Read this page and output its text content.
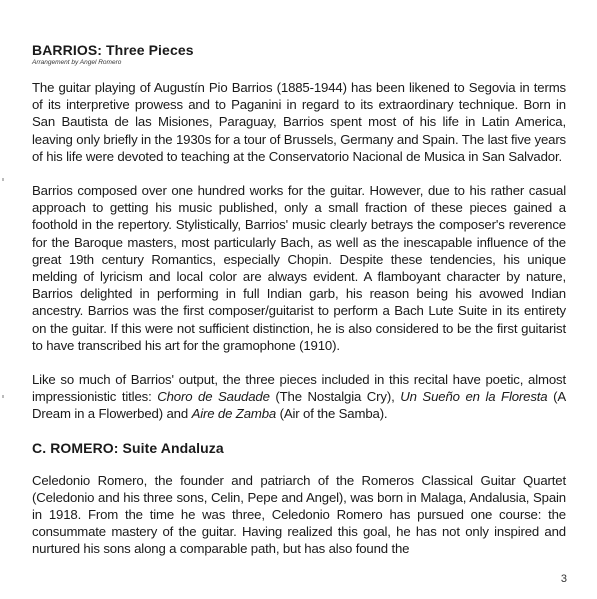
BARRIOS: Three Pieces

Arrangement by Angel Romero

The guitar playing of Augustín Pio Barrios (1885-1944) has been likened to Segovia in terms of its interpretive prowess and to Paganini in regard to its extraordinary technique. Born in San Bautista de las Misiones, Paraguay, Barrios spent most of his life in Latin America, leaving only briefly in the 1930s for a tour of Brussels, Germany and Spain. The last five years of his life were devoted to teaching at the Conservatorio Nacional de Musica in San Salvador.

Barrios composed over one hundred works for the guitar. However, due to his rather casual approach to getting his music published, only a small fraction of these pieces gained a foothold in the repertory. Stylistically, Barrios' music clearly betrays the composer's reverence for the Baroque masters, most particularly Bach, as well as the inescapable influence of the great 19th century Romantics, especially Chopin. Despite these tendencies, his unique melding of lyricism and local color are always evident. A flamboyant character by nature, Barrios delighted in performing in full Indian garb, his reason being his avowed Indian ancestry. Barrios was the first composer/guitarist to perform a Bach Lute Suite in its entirety on the guitar. If this were not sufficient distinction, he is also considered to be the first guitarist to have transcribed his art for the gramophone (1910).

Like so much of Barrios' output, the three pieces included in this recital have poetic, almost impressionistic titles: Choro de Saudade (The Nostalgia Cry), Un Sueño en la Floresta (A Dream in a Flowerbed) and Aire de Zamba (Air of the Samba).

C. ROMERO: Suite Andaluza

Celedonio Romero, the founder and patriarch of the Romeros Classical Guitar Quartet (Celedonio and his three sons, Celin, Pepe and Angel), was born in Malaga, Andalusia, Spain in 1918. From the time he was three, Celedonio Romero has pursued one course: the consummate mastery of the guitar. Having realized this goal, he has not only inspired and nurtured his sons along a comparable path, but has also found the

3
